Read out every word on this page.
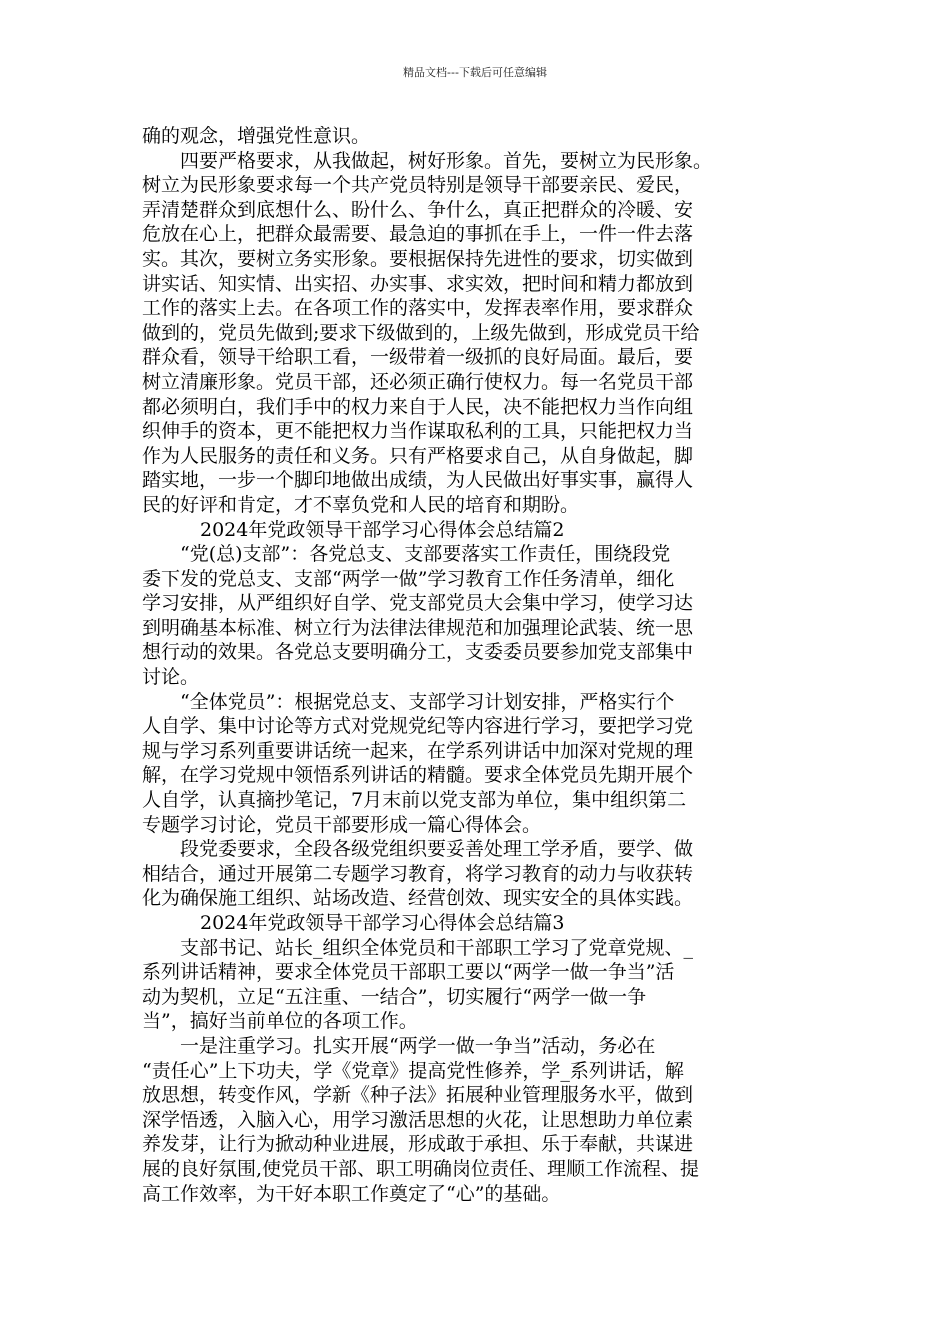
精品文档---下载后可任意编辑
确的观念，增强党性意识。
四要严格要求，从我做起，树好形象。首先，要树立为民形象。
树立为民形象要求每一个共产党员特别是领导干部要亲民、爱民，
弄清楚群众到底想什么、盼什么、争什么，真正把群众的冷暖、安
危放在心上，把群众最需要、最急迫的事抓在手上，一件一件去落
实。其次，要树立务实形象。要根据保持先进性的要求，切实做到
讲实话、知实情、出实招、办实事、求实效，把时间和精力都放到
工作的落实上去。在各项工作的落实中，发挥表率作用，要求群众
做到的，党员先做到;要求下级做到的，上级先做到，形成党员干给
群众看，领导干给职工看，一级带着一级抓的良好局面。最后，要
树立清廉形象。党员干部，还必须正确行使权力。每一名党员干部
都必须明白，我们手中的权力来自于人民，决不能把权力当作向组
织伸手的资本，更不能把权力当作谋取私利的工具，只能把权力当
作为人民服务的责任和义务。只有严格要求自己，从自身做起，脚
踏实地，一步一个脚印地做出成绩，为人民做出好事实事，赢得人
民的好评和肯定，才不辜负党和人民的培育和期盼。
2024年党政领导干部学习心得体会总结篇2
“党(总)支部”：各党总支、支部要落实工作责任，围绕段党
委下发的党总支、支部“两学一做”学习教育工作任务清单，细化
学习安排，从严组织好自学、党支部党员大会集中学习，使学习达
到明确基本标准、树立行为法律法律规范和加强理论武装、统一思
想行动的效果。各党总支要明确分工，支委委员要参加党支部集中
讨论。
“全体党员”：根据党总支、支部学习计划安排，严格实行个
人自学、集中讨论等方式对党规党纪等内容进行学习，要把学习党
规与学习系列重要讲话统一起来，在学系列讲话中加深对党规的理
解，在学习党规中领悟系列讲话的精髓。要求全体党员先期开展个
人自学，认真摘抄笔记，7月末前以党支部为单位，集中组织第二
专题学习讨论，党员干部要形成一篇心得体会。
段党委要求，全段各级党组织要妥善处理工学矛盾，要学、做
相结合，通过开展第二专题学习教育，将学习教育的动力与收获转
化为确保施工组织、站场改造、经营创效、现实安全的具体实践。
2024年党政领导干部学习心得体会总结篇3
支部书记、站长_组织全体党员和干部职工学习了党章党规、_
系列讲话精神，要求全体党员干部职工要以“两学一做一争当”活
动为契机，立足“五注重、一结合”，切实履行“两学一做一争
当”，搞好当前单位的各项工作。
一是注重学习。扎实开展“两学一做一争当”活动，务必在
“责任心”上下功夫，学《党章》提高党性修养，学_系列讲话，解
放思想，转变作风，学新《种子法》拓展种业管理服务水平，做到
深学悟透，入脑入心，用学习激活思想的火花，让思想助力单位素
养发芽，让行为掀动种业进展，形成敢于承担、乐于奉献，共谋进
展的良好氛围,使党员干部、职工明确岗位责任、理顺工作流程、提
高工作效率，为干好本职工作奠定了“心”的基础。
